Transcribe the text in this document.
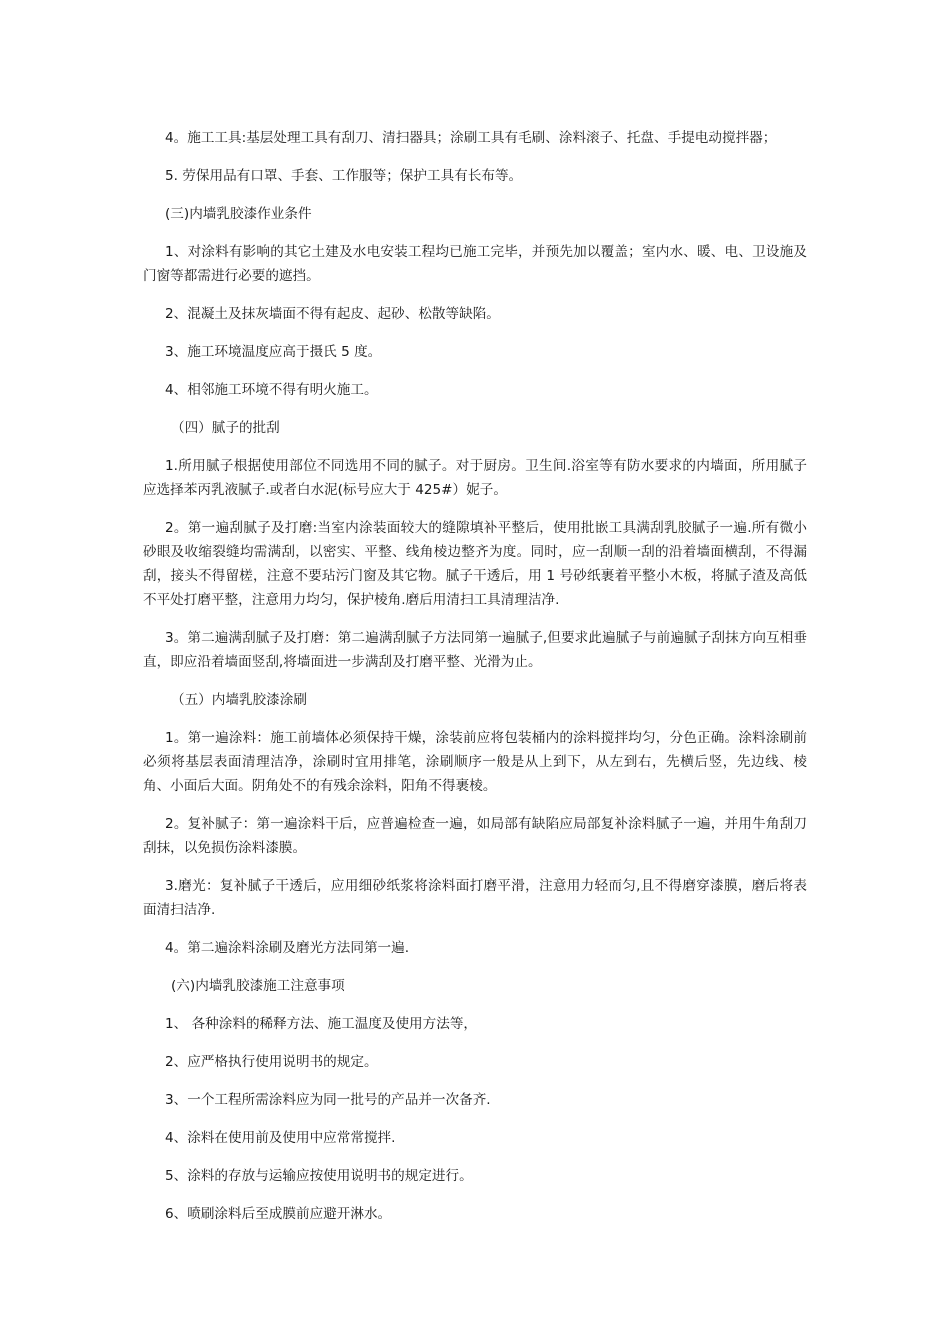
4。施工工具:基层处理工具有刮刀、清扫器具；涂刷工具有毛刷、涂料滚子、托盘、手提电动搅拌器；

5. 劳保用品有口罩、手套、工作服等；保护工具有长布等。

(三)内墙乳胶漆作业条件

1、对涂料有影响的其它土建及水电安装工程均已施工完毕，并预先加以覆盖；室内水、暖、电、卫设施及门窗等都需进行必要的遮挡。

2、混凝土及抹灰墙面不得有起皮、起砂、松散等缺陷。

3、施工环境温度应高于摄氏 5 度。

4、相邻施工环境不得有明火施工。

（四）腻子的批刮

1.所用腻子根据使用部位不同选用不同的腻子。对于厨房。卫生间.浴室等有防水要求的内墙面，所用腻子应选择苯丙乳液腻子.或者白水泥(标号应大于 425#）妮子。

2。第一遍刮腻子及打磨:当室内涂装面较大的缝隙填补平整后，使用批嵌工具满刮乳胶腻子一遍.所有微小砂眼及收缩裂缝均需满刮，以密实、平整、线角棱边整齐为度。同时，应一刮顺一刮的沿着墙面横刮，不得漏刮，接头不得留槎，注意不要玷污门窗及其它物。腻子干透后，用 1 号砂纸裹着平整小木板，将腻子渣及高低不平处打磨平整，注意用力均匀，保护棱角.磨后用清扫工具清理洁净.

3。第二遍满刮腻子及打磨：第二遍满刮腻子方法同第一遍腻子,但要求此遍腻子与前遍腻子刮抹方向互相垂直，即应沿着墙面竖刮,将墙面进一步满刮及打磨平整、光滑为止。

（五）内墙乳胶漆涂刷

1。第一遍涂料：施工前墙体必须保持干燥，涂装前应将包装桶内的涂料搅拌均匀，分色正确。涂料涂刷前必须将基层表面清理洁净，涂刷时宜用排笔，涂刷顺序一般是从上到下，从左到右，先横后竖，先边线、棱角、小面后大面。阴角处不的有残余涂料，阳角不得裹棱。

2。复补腻子：第一遍涂料干后，应普遍检查一遍，如局部有缺陷应局部复补涂料腻子一遍，并用牛角刮刀刮抹，以免损伤涂料漆膜。

3.磨光：复补腻子干透后，应用细砂纸浆将涂料面打磨平滑，注意用力轻而匀,且不得磨穿漆膜，磨后将表面清扫洁净.

4。第二遍涂料涂刷及磨光方法同第一遍.

(六)内墙乳胶漆施工注意事项

1、 各种涂料的稀释方法、施工温度及使用方法等，

2、应严格执行使用说明书的规定。

3、一个工程所需涂料应为同一批号的产品并一次备齐.

4、涂料在使用前及使用中应常常搅拌.

5、涂料的存放与运输应按使用说明书的规定进行。

6、喷刷涂料后至成膜前应避开淋水。
